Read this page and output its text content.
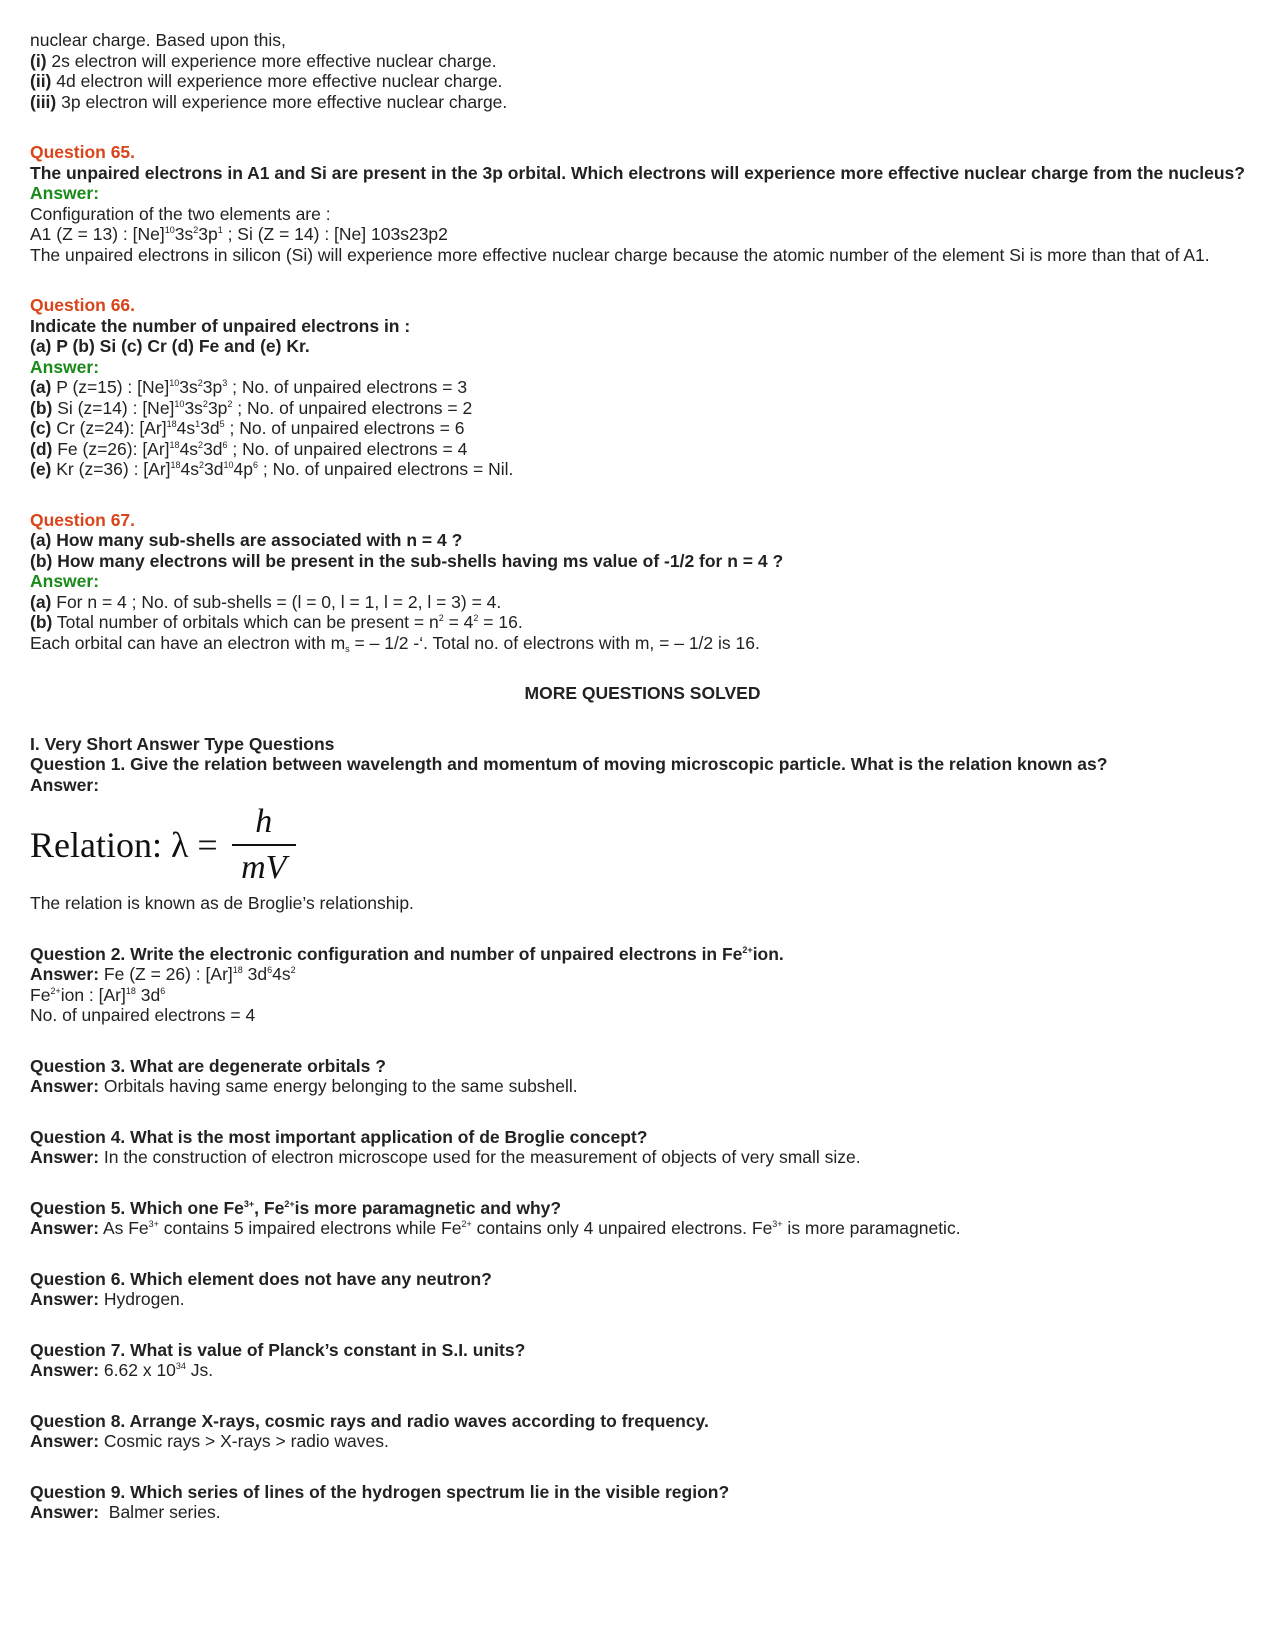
nuclear charge. Based upon this,
(i) 2s electron will experience more effective nuclear charge.
(ii) 4d electron will experience more effective nuclear charge.
(iii) 3p electron will experience more effective nuclear charge.
Question 65.
The unpaired electrons in A1 and Si are present in the 3p orbital. Which electrons will experience more effective nuclear charge from the nucleus?
Answer:
Configuration of the two elements are :
A1 (Z = 13) : $[Ne]^{10}3s^23p^1$ ; Si (Z = 14) : [Ne] 103s23p2
The unpaired electrons in silicon (Si) will experience more effective nuclear charge because the atomic number of the element Si is more than that of A1.
Question 66.
Indicate the number of unpaired electrons in :
(a) P (b) Si (c) Cr (d) Fe and (e) Kr.
Answer:
(a) P (z=15) : $[Ne]^{10}3s^23p^3$ ; No. of unpaired electrons = 3
(b) Si (z=14) : $[Ne]^{10}3s^23p^2$ ; No. of unpaired electrons = 2
(c) Cr (z=24): $[Ar]^{18}4s^13d^5$ ; No. of unpaired electrons = 6
(d) Fe (z=26): $[Ar]^{18}4s^23d^6$ ; No. of unpaired electrons = 4
(e) Kr (z=36) : $[Ar]^{18}4s^23d^{10}4p^6$ ; No. of unpaired electrons = Nil.
Question 67.
(a) How many sub-shells are associated with n = 4 ?
(b) How many electrons will be present in the sub-shells having ms value of -1/2 for n = 4 ?
Answer:
(a) For n = 4 ; No. of sub-shells = (l = 0, l = 1, l = 2, l = 3) = 4.
(b) Total number of orbitals which can be present = $n^2 = 4^2 = 16$.
Each orbital can have an electron with $m_s$ = – 1/2 -‘. Total no. of electrons with m, = – 1/2 is 16.
MORE QUESTIONS SOLVED
I. Very Short Answer Type Questions
Question 1. Give the relation between wavelength and momentum of moving microscopic particle. What is the relation known as?
Answer:
Relation: $\lambda = \frac{h}{mV}$
The relation is known as de Broglie’s relationship.
Question 2. Write the electronic configuration and number of unpaired electrons in $Fe^{2+}ion$.
Answer: Fe (Z = 26) : $[Ar]^{18}$ $3d^64s^2$
$Fe^{2+}ion$ : $[Ar]^{18}$ $3d^6$
No. of unpaired electrons = 4
Question 3. What are degenerate orbitals ?
Answer: Orbitals having same energy belonging to the same subshell.
Question 4. What is the most important application of de Broglie concept?
Answer: In the construction of electron microscope used for the measurement of objects of very small size.
Question 5. Which one $Fe^{3+}$, $Fe^{2+}is$ more paramagnetic and why?
Answer: As $Fe^{3+}$ contains 5 impaired electrons while $Fe^{2+}$ contains only 4 unpaired electrons. $Fe^{3+}$ is more paramagnetic.
Question 6. Which element does not have any neutron?
Answer: Hydrogen.
Question 7. What is value of Planck’s constant in S.I. units?
Answer: 6.62 x $10^{34}$ Js.
Question 8. Arrange X-rays, cosmic rays and radio waves according to frequency.
Answer: Cosmic rays > X-rays > radio waves.
Question 9. Which series of lines of the hydrogen spectrum lie in the visible region?
Answer:  Balmer series.
